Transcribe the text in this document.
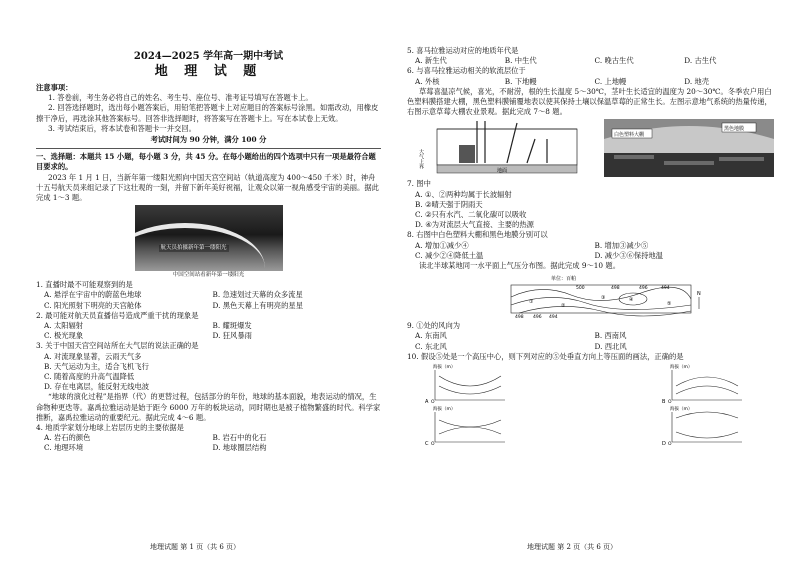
2024—2025 学年高一期中考试
地 理 试 题
注意事项：
1. 答卷前，考生务必将自己的姓名、考生号、座位号、准考证号填写在答题卡上。
2. 回答选择题时，选出每小题答案后，用铅笔把答题卡上对应题目的答案标号涂黑。如需改动，用橡皮擦干净后，再选涂其他答案标号。回答非选择题时，将答案写在答题卡上。写在本试卷上无效。
3. 考试结束后，将本试卷和答题卡一并交回。
考试时间为 90 分钟，满分 100 分
一、选择题：本题共 15 小题，每小题 3 分，共 45 分。在每小题给出的四个选项中只有一项是最符合题目要求的。
2023 年 1 月 1 日，当新年第一缕阳光照向中国天宫空间站（轨道高度为 400～450 千米）时，神舟十五号航天员来组记录了下这壮观的一刻，并留下新年美好祝福，让观众以第一视角感受宇宙的美丽。据此完成 1～3 题。
航天员拍摄新年第一缕阳光
中国空间站看新年第一缕阳光
1. 直播时最不可能观察到的是
A. 悬浮在宇宙中的蔚蓝色地球	B. 急速划过天幕的众多流星
C. 阳光照射下明亮的天宫舱体	D. 黑色天幕上有明亮的星星
2. 最可能对航天员直播信号造成严重干扰的现象是
A. 太阳辐射	B. 耀斑爆发
C. 极光现象	D. 狂风暴雨
3. 关于中国天宫空间站所在大气层的说法正确的是
A. 对流现象显著，云雨天气多
B. 天气运动为主，适合飞机飞行
C. 随着高度的升高气温降低
D. 存在电离层，能反射无线电波
“地球的演化过程”是指界（代）的更替过程，包括部分的年份，地球的基本面貌，地表运动的情况，生命物种更迭等。嘉禹拉雅运动是始于距今 6000 万年的板块运动，同时期也是被子植物繁盛的时代。科学家推断，嘉禹拉雅运动的重要纪元。据此完成 4～6 题。
4. 地质学家划分地球上岩层历史的主要依据是
A. 岩石的颜色	B. 岩石中的化石
C. 地理环境	D. 地球圈层结构
地理试题 第 1 页（共 6 页）
5. 喜马拉雅运动对应的地质年代是
A. 新生代	B. 中生代	C. 晚古生代	D. 古生代
6. 与喜马拉雅运动相关的软流层位于
A. 外核	B. 下地幔	C. 上地幔	D. 地壳
草莓喜温凉气候，喜光，不耐涝，根的生长温度 5～30℃，茎叶生长适宜的温度为 20～30℃。冬季农户用白色塑料膜搭建大棚，黑色塑料膜铺覆地表以使其保持土壤以保温草莓的正常生长。左图示意地气系统的热量传递，右图示意草莓大棚农业景观。据此完成 7～8 题。
大气上界
地面
白色塑料大棚
黑色地膜
7. 图中
A. ①、②两种均属于长波辐射
B. ②晴天强于阴雨天
C. ②只有水汽、二氧化碳可以吸收
D. ④为对流层大气直接、主要的热源
8. 右图中白色塑料大棚和黑色地膜分别可以
A. 增加①减少④	B. 增加③减少⑤
C. 减少②④降低土温	D. 减少③⑥保持地温
读北半球某地同一水平面上气压分布图。据此完成 9～10 题。
单位：百帕
500	498	496	494
498 496 494
①
②
③	④
⑤
N
9. ①处的风向为
A. 东南风	B. 西南风
C. 东北风	D. 西北风
10. 假设⑤处是一个高压中心，则下列对应的⑤处垂直方向上等压面的画法，正确的是
海拔（m）
A O
海拔（m）
B O
海拔（m）
C O
海拔（m）
D O
地理试题 第 2 页（共 6 页）
